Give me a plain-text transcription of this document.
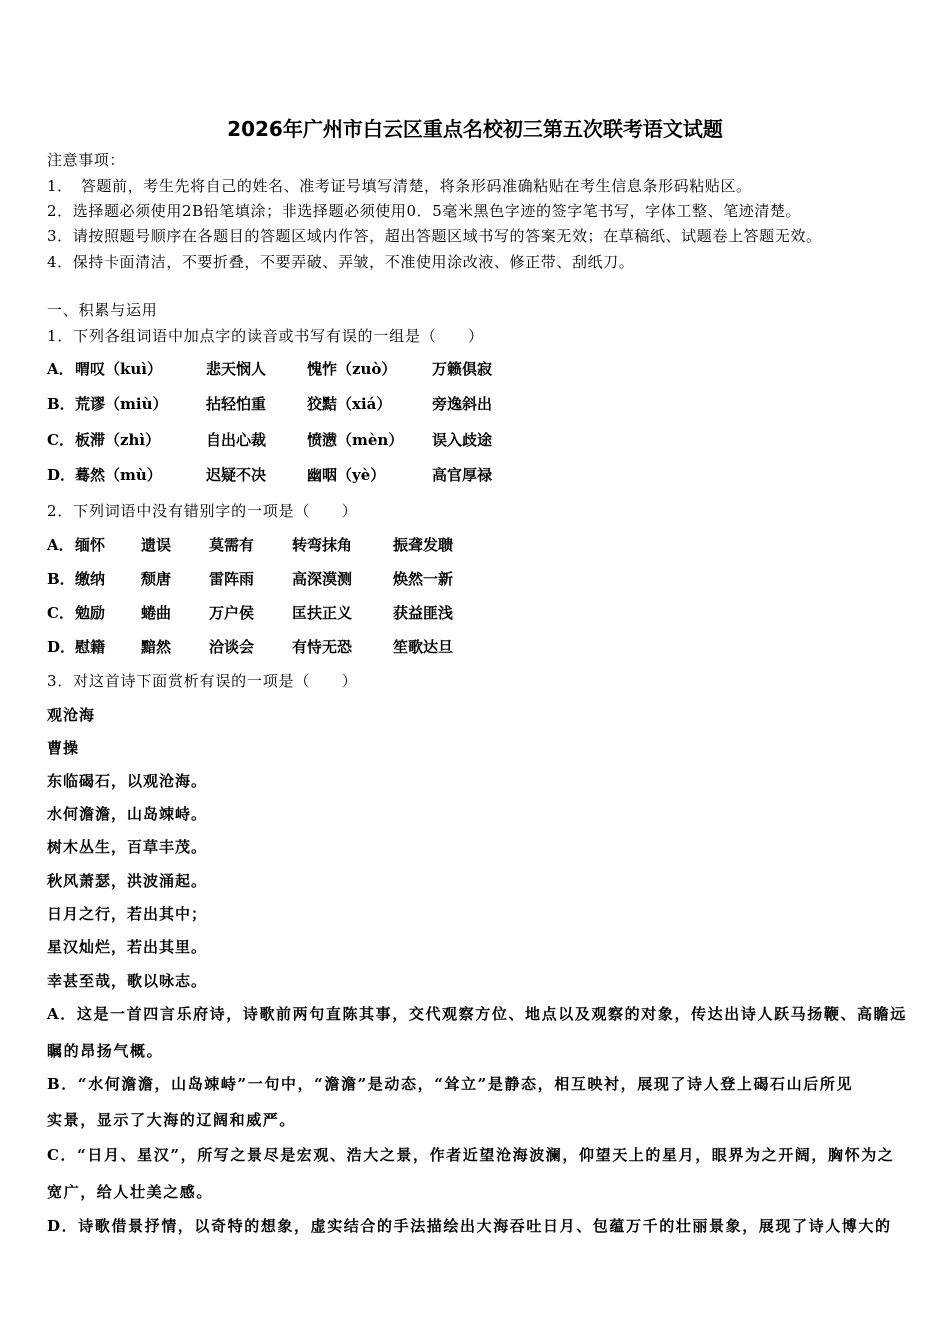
2026年广州市白云区重点名校初三第五次联考语文试题
注意事项：
1．　答题前，考生先将自己的姓名、准考证号填写清楚，将条形码准确粘贴在考生信息条形码粘贴区。
2．选择题必须使用2B铅笔填涂；非选择题必须使用0．5毫米黑色字迹的签字笔书写，字体工整、笔迹清楚。
3．请按照题号顺序在各题目的答题区域内作答，超出答题区域书写的答案无效；在草稿纸、试题卷上答题无效。
4．保持卡面清洁，不要折叠，不要弄破、弄皱，不准使用涂改液、修正带、刮纸刀。
一、积累与运用
1．下列各组词语中加点字的读音或书写有误的一组是（　　）
A． 喟叹（kuì）	悲天悯人	愧怍（zuò） 万籁俱寂
B． 荒谬（miù）	拈轻怕重	狡黠（xiá）	旁逸斜出
C． 板滞（zhì）	自出心裁	愤懑（mèn） 误入歧途
D． 蓦然（mù）	迟疑不决	幽咽（yè）	高官厚禄
2．下列词语中没有错别字的一项是（　　）
A． 缅怀 遗误	莫需有	转弯抹角	振聋发聩
B． 缴纳 颓唐	雷阵雨	高深漠测	焕然一新
C． 勉励 蜷曲	万户侯	匡扶正义	获益匪浅
D． 慰籍 黯然	洽谈会	有恃无恐	笙歌达旦
3．对这首诗下面赏析有误的一项是（　　）
观沧海
曹操
东临碣石，以观沧海。
水何澹澹，山岛竦峙。
树木丛生，百草丰茂。
秋风萧瑟，洪波涌起。
日月之行，若出其中；
星汉灿烂，若出其里。
幸甚至哉，歌以咏志。
A．这是一首四言乐府诗，诗歌前两句直陈其事，交代观察方位、地点以及观察的对象，传达出诗人跃马扬鞭、高瞻远
瞩的昂扬气概。
B．“水何澹澹，山岛竦峙”一句中，“澹澹”是动态，“耸立”是静态，相互映衬，展现了诗人登上碣石山后所见
实景，显示了大海的辽阔和威严。
C．“日月、星汉”，所写之景尽是宏观、浩大之景，作者近望沧海波澜，仰望天上的星月，眼界为之开阔，胸怀为之
宽广，给人壮美之感。
D．诗歌借景抒情，以奇特的想象，虚实结合的手法描绘出大海吞吐日月、包蕴万千的壮丽景象，展现了诗人博大的
